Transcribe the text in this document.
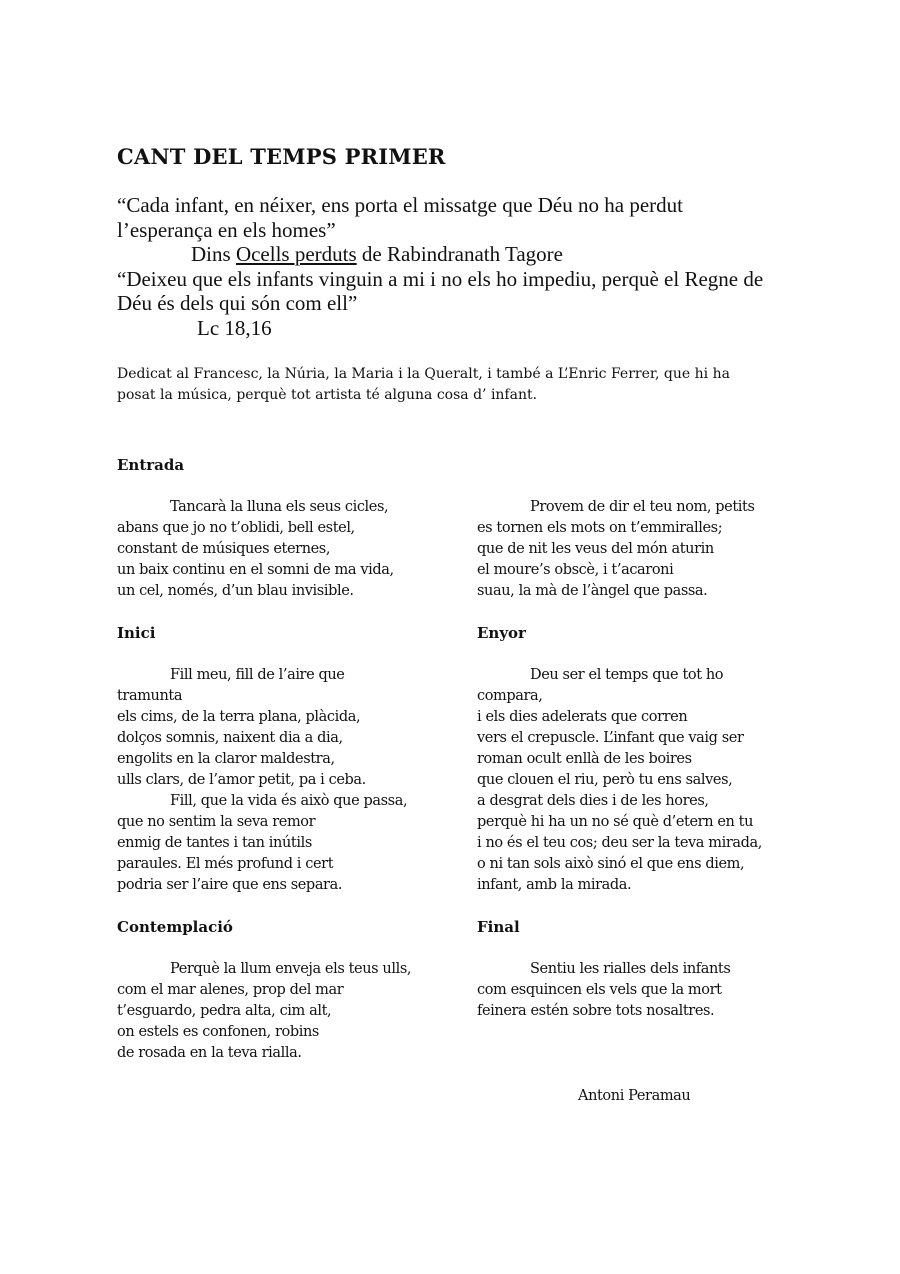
CANT DEL TEMPS PRIMER
“Cada infant, en néixer, ens porta el missatge que Déu no ha perdut
l’esperança en els homes”
Dins Ocells perduts de Rabindranath Tagore
“Deixeu que els infants vinguin a mi i no els ho impediu, perquè el Regne de
Déu és dels qui són com ell”
Lc 18,16
Dedicat al Francesc, la Núria, la Maria i la Queralt, i també a L’Enric Ferrer, que hi ha
posat la música, perquè tot artista té alguna cosa d’ infant.
Entrada
Tancarà la lluna els seus cicles,
abans que jo no t’oblidi, bell estel,
constant de músiques eternes,
un baix continu en el somni de ma vida,
un cel, només, d’un blau invisible.
Inici
Fill meu, fill de l’aire que
tramunta
els cims, de la terra plana, plàcida,
dolços somnis, naixent dia a dia,
engolits en la claror maldestra,
ulls clars, de l’amor petit, pa i ceba.
Fill, que la vida és això que passa,
que no sentim la seva remor
enmig de tantes i tan inútils
paraules. El més profund i cert
podria ser l’aire que ens separa.
Contemplació
Perquè la llum enveja els teus ulls,
com el mar alenes, prop del mar
t’esguardo, pedra alta, cim alt,
on estels es confonen, robins
de rosada en la teva rialla.
Provem de dir el teu nom, petits
es tornen els mots on t’emmiralles;
que de nit les veus del món aturin
el moure’s obscè, i t’acaroni
suau, la mà de l’àngel que passa.
Enyor
Deu ser el temps que tot ho
compara,
i els dies adelerats que corren
vers el crepuscle. L’infant que vaig ser
roman ocult enllà de les boires
que clouen el riu, però tu ens salves,
a desgrat dels dies i de les hores,
perquè hi ha un no sé què d’etern en tu
i no és el teu cos; deu ser la teva mirada,
o ni tan sols això sinó el que ens diem,
infant, amb la mirada.
Final
Sentiu les rialles dels infants
com esquincen els vels que la mort
feinera estén sobre tots nosaltres.
Antoni Peramau
